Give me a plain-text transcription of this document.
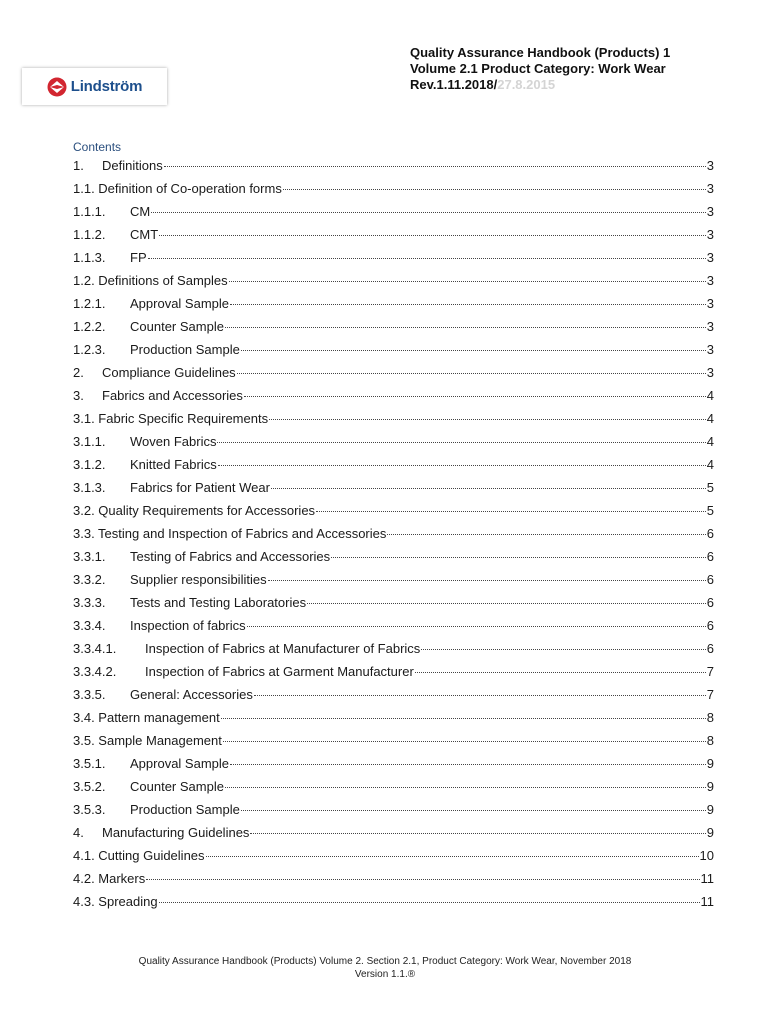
Lindström
Quality Assurance Handbook (Products) 1
Volume 2.1 Product Category: Work Wear
Rev.1.11.2018/27.8.2015
Contents
1.	Definitions	3
1.1. Definition of Co-operation forms	3
1.1.1.	CM	3
1.1.2.	CMT	3
1.1.3.	FP	3
1.2. Definitions of Samples	3
1.2.1.	Approval Sample	3
1.2.2.	Counter Sample	3
1.2.3.	Production Sample	3
2.	Compliance Guidelines	3
3.	Fabrics and Accessories	4
3.1. Fabric Specific Requirements	4
3.1.1.	Woven Fabrics	4
3.1.2.	Knitted Fabrics	4
3.1.3.	Fabrics for Patient Wear	5
3.2. Quality Requirements for Accessories	5
3.3. Testing and Inspection of Fabrics and Accessories	6
3.3.1.	Testing of Fabrics and Accessories	6
3.3.2.	Supplier responsibilities	6
3.3.3.	Tests and Testing Laboratories	6
3.3.4.	Inspection of fabrics	6
3.3.4.1.	Inspection of Fabrics at Manufacturer of Fabrics	6
3.3.4.2.	Inspection of Fabrics at Garment Manufacturer	7
3.3.5.	General: Accessories	7
3.4. Pattern management	8
3.5. Sample Management	8
3.5.1.	Approval Sample	9
3.5.2.	Counter Sample	9
3.5.3.	Production Sample	9
4.	Manufacturing Guidelines	9
4.1. Cutting Guidelines	10
4.2. Markers	11
4.3. Spreading	11
Quality Assurance Handbook (Products) Volume 2. Section 2.1, Product Category: Work Wear, November 2018
Version 1.1.®
